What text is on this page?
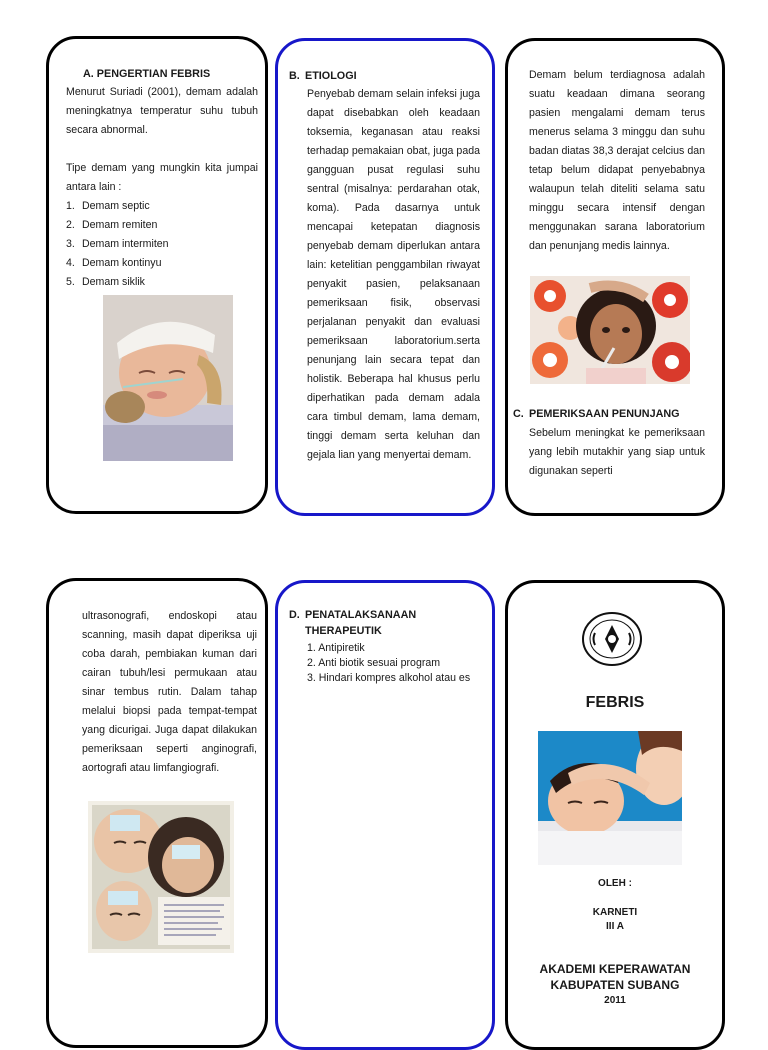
A. PENGERTIAN FEBRIS
Menurut Suriadi (2001), demam adalah meningkatnya temperatur suhu tubuh secara abnormal.
Tipe demam yang mungkin kita jumpai antara lain :
1. Demam septic
2. Demam remiten
3. Demam intermiten
4. Demam kontinyu
5. Demam siklik
B. ETIOLOGI
Penyebab demam selain infeksi juga dapat disebabkan oleh keadaan toksemia, keganasan atau reaksi terhadap pemakaian obat, juga pada gangguan pusat regulasi suhu sentral (misalnya: perdarahan otak, koma). Pada dasarnya untuk mencapai ketepatan diagnosis penyebab demam diperlukan antara lain: ketelitian penggambilan riwayat penyakit pasien, pelaksanaan pemeriksaan fisik, observasi perjalanan penyakit dan evaluasi pemeriksaan laboratorium.serta penunjang lain secara tepat dan holistik. Beberapa hal khusus perlu diperhatikan pada demam adala cara timbul demam, lama demam, tinggi demam serta keluhan dan gejala lian yang menyertai demam.
Demam belum terdiagnosa adalah suatu keadaan dimana seorang pasien mengalami demam terus menerus selama 3 minggu dan suhu badan diatas 38,3 derajat celcius dan tetap belum didapat penyebabnya walaupun telah diteliti selama satu minggu secara intensif dengan menggunakan sarana laboratorium dan penunjang medis lainnya.
C. PEMERIKSAAN PENUNJANG
Sebelum meningkat ke pemeriksaan yang lebih mutakhir yang siap untuk digunakan seperti
ultrasonografi, endoskopi atau scanning, masih dapat diperiksa uji coba darah, pembiakan kuman dari cairan tubuh/lesi permukaan atau sinar tembus rutin. Dalam tahap melalui biopsi pada tempat-tempat yang dicurigai. Juga dapat dilakukan pemeriksaan seperti anginografi, aortografi atau limfangiografi.
D. PENATALAKSANAAN
THERAPEUTIK
1. Antipiretik
2. Anti biotik sesuai program
3. Hindari kompres alkohol atau es
FEBRIS
OLEH :
KARNETI
III A
AKADEMI KEPERAWATAN
KABUPATEN SUBANG
2011
